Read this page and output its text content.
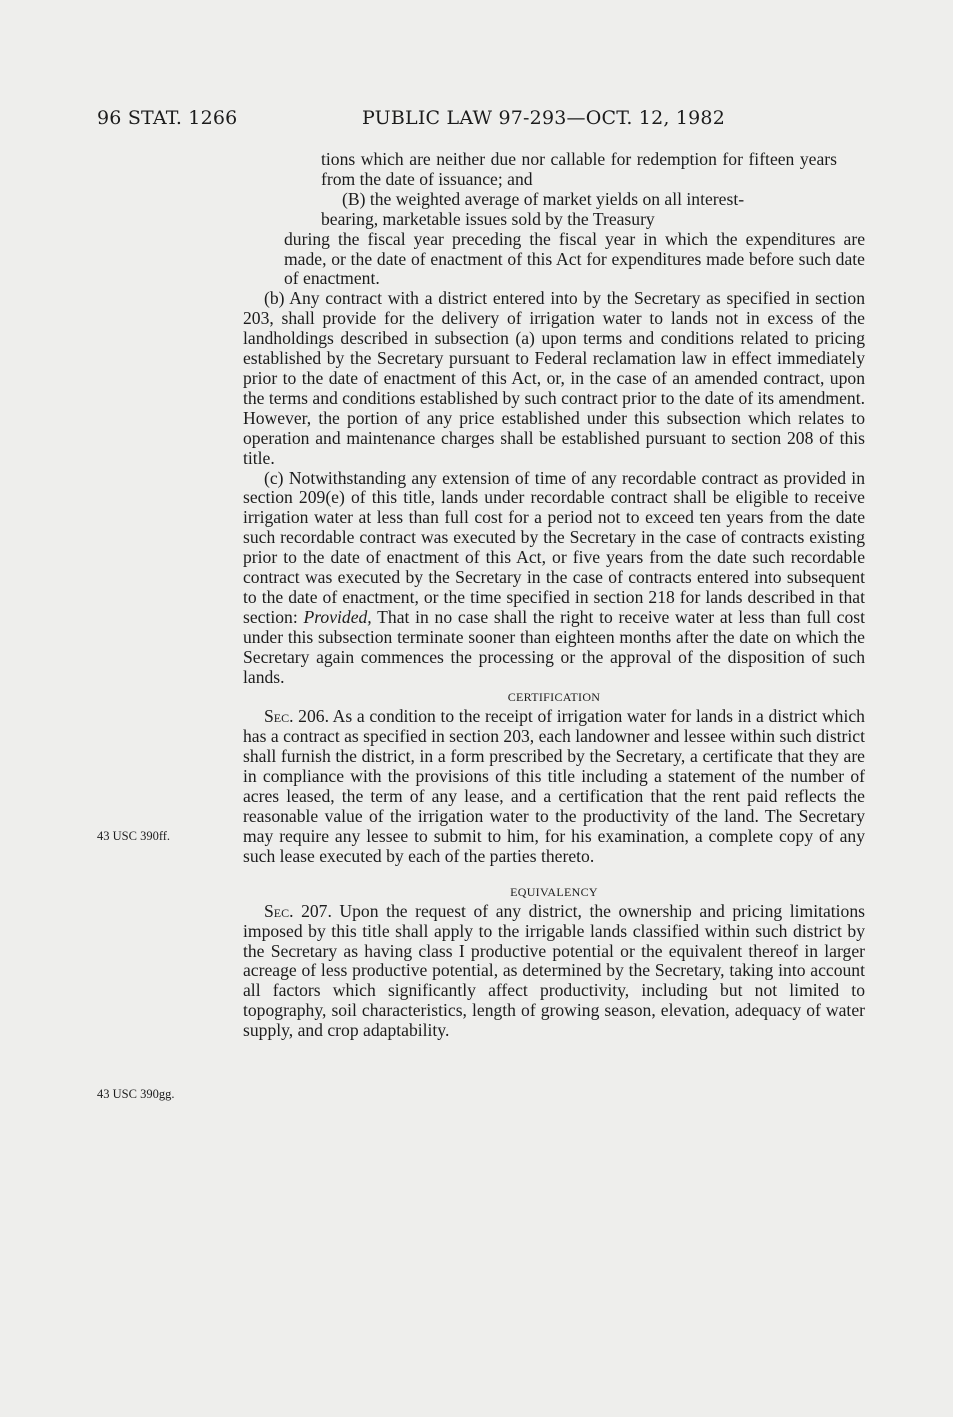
96 STAT. 1266	PUBLIC LAW 97-293—OCT. 12, 1982
43 USC 390ff.
43 USC 390gg.

tions which are neither due nor callable for redemption for fifteen years from the date of issuance; and

(B) the weighted average of market yields on all interest-

bearing, marketable issues sold by the Treasury

during the fiscal year preceding the fiscal year in which the expenditures are made, or the date of enactment of this Act for expenditures made before such date of enactment.

(b) Any contract with a district entered into by the Secretary as specified in section 203, shall provide for the delivery of irrigation water to lands not in excess of the landholdings described in subsection (a) upon terms and conditions related to pricing established by the Secretary pursuant to Federal reclamation law in effect immediately prior to the date of enactment of this Act, or, in the case of an amended contract, upon the terms and conditions established by such contract prior to the date of its amendment. However, the portion of any price established under this subsection which relates to operation and maintenance charges shall be established pursuant to section 208 of this title.

(c) Notwithstanding any extension of time of any recordable contract as provided in section 209(e) of this title, lands under recordable contract shall be eligible to receive irrigation water at less than full cost for a period not to exceed ten years from the date such recordable contract was executed by the Secretary in the case of contracts existing prior to the date of enactment of this Act, or five years from the date such recordable contract was executed by the Secretary in the case of contracts entered into subsequent to the date of enactment, or the time specified in section 218 for lands described in that section: Provided, That in no case shall the right to receive water at less than full cost under this subsection terminate sooner than eighteen months after the date on which the Secretary again commences the processing or the approval of the disposition of such lands.

CERTIFICATION

Sec. 206. As a condition to the receipt of irrigation water for lands in a district which has a contract as specified in section 203, each landowner and lessee within such district shall furnish the district, in a form prescribed by the Secretary, a certificate that they are in compliance with the provisions of this title including a statement of the number of acres leased, the term of any lease, and a certification that the rent paid reflects the reasonable value of the irrigation water to the productivity of the land. The Secretary may require any lessee to submit to him, for his examination, a complete copy of any such lease executed by each of the parties thereto.

EQUIVALENCY

Sec. 207. Upon the request of any district, the ownership and pricing limitations imposed by this title shall apply to the irrigable lands classified within such district by the Secretary as having class I productive potential or the equivalent thereof in larger acreage of less productive potential, as determined by the Secretary, taking into account all factors which significantly affect productivity, including but not limited to topography, soil characteristics, length of growing season, elevation, adequacy of water supply, and crop adaptability.
